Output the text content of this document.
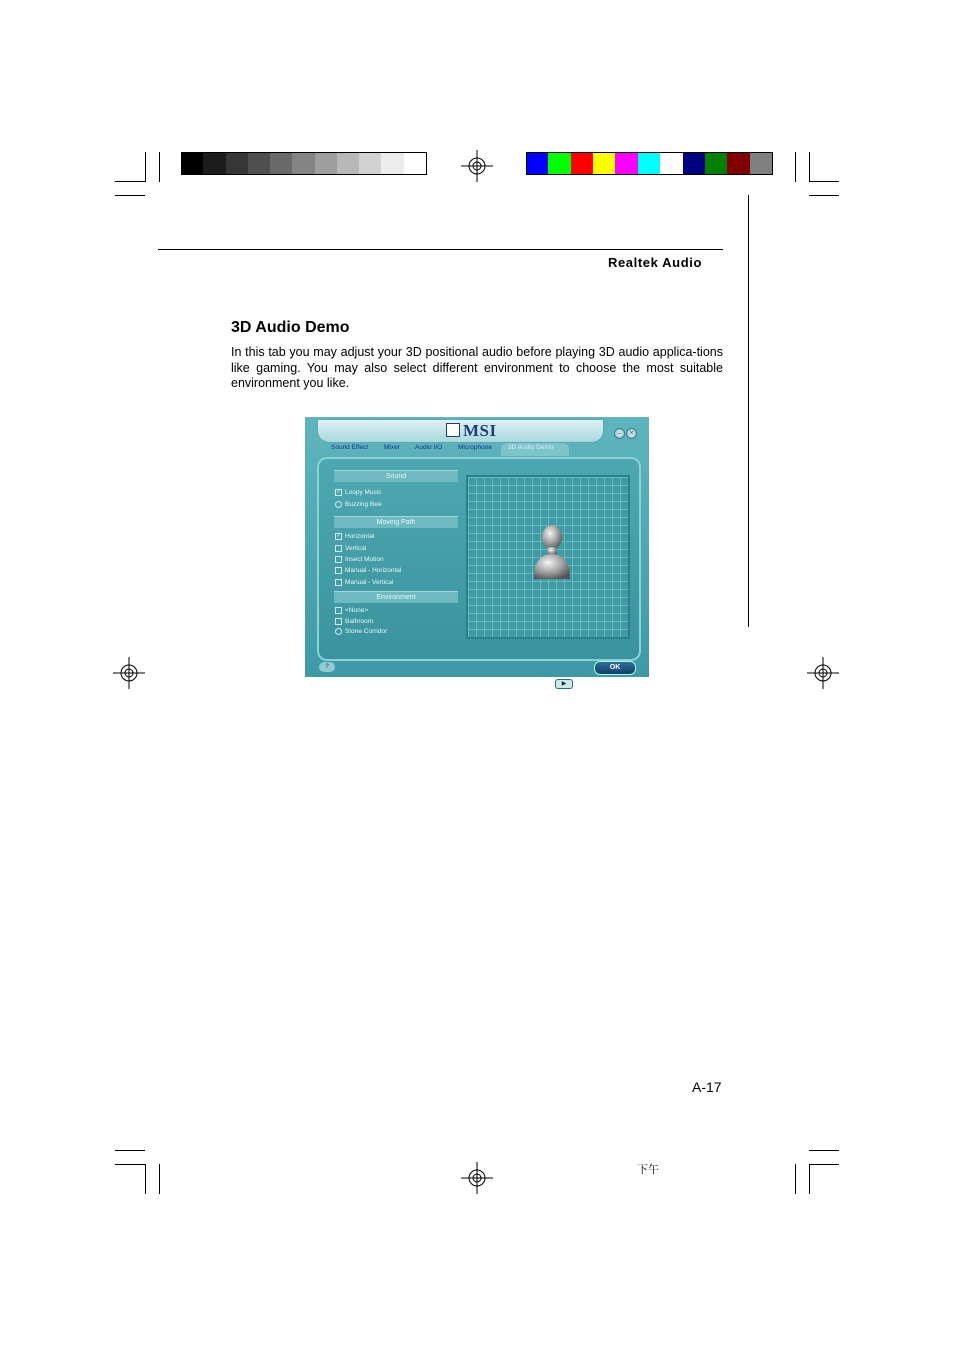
Realtek Audio
3D Audio Demo
In this tab you may adjust your 3D positional audio before playing 3D audio applica-tions like gaming. You may also select different environment to choose the most suitable environment you like.
MSI	–	×
Sound Effect Mixer Audio I/O Microphone 3D Audio Demo
Sound
✓ Loopy Music
Buzzing Bee
Moving Path
✓ Horizontal
Vertical
Insect Motion
Manual - Horizontal
Manual - Vertical
Environment
<None>
Bathroom
Stone Corridor
▶
?	OK
A-17
下午
